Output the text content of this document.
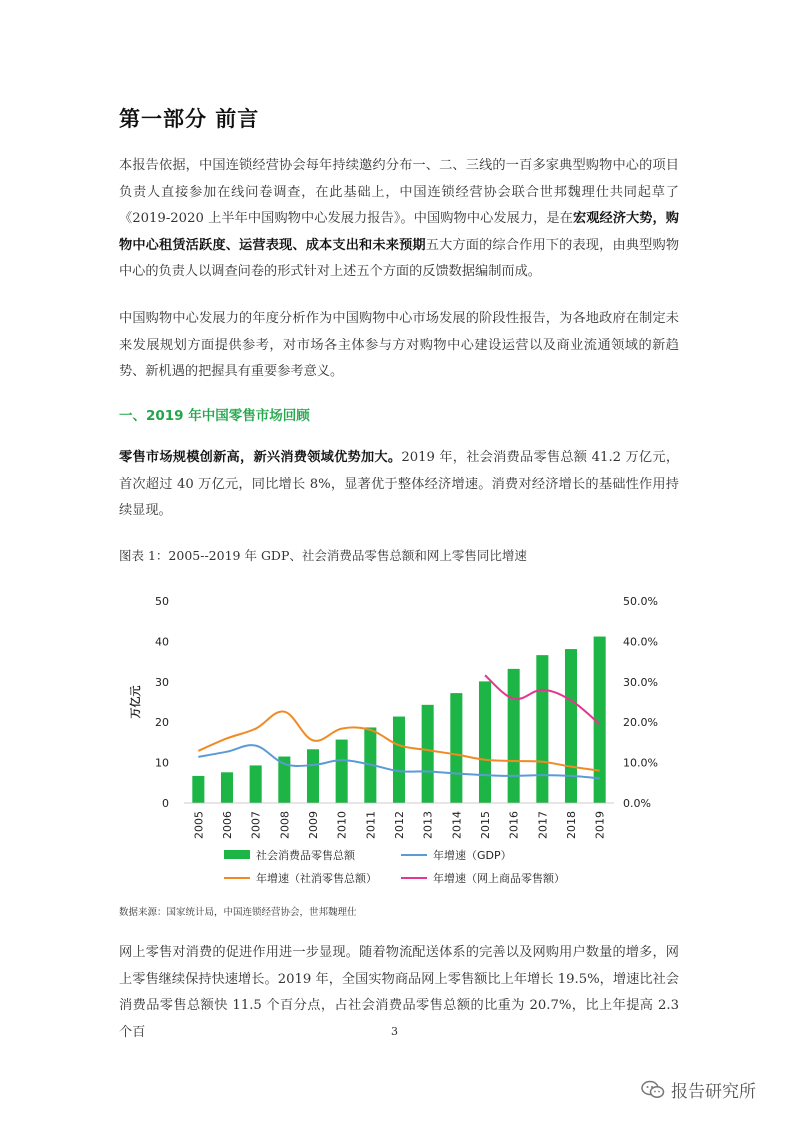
第一部分 前言
本报告依据，中国连锁经营协会每年持续邀约分布一、二、三线的一百多家典型购物中心的项目负责人直接参加在线问卷调查，在此基础上，中国连锁经营协会联合世邦魏理仕共同起草了《2019-2020 上半年中国购物中心发展力报告》。中国购物中心发展力，是在宏观经济大势，购物中心租赁活跃度、运营表现、成本支出和未来预期五大方面的综合作用下的表现，由典型购物中心的负责人以调查问卷的形式针对上述五个方面的反馈数据编制而成。
中国购物中心发展力的年度分析作为中国购物中心市场发展的阶段性报告，为各地政府在制定未来发展规划方面提供参考，对市场各主体参与方对购物中心建设运营以及商业流通领域的新趋势、新机遇的把握具有重要参考意义。
一、2019 年中国零售市场回顾
零售市场规模创新高，新兴消费领域优势加大。2019 年，社会消费品零售总额 41.2 万亿元，首次超过 40 万亿元，同比增长 8%，显著优于整体经济增速。消费对经济增长的基础性作用持续显现。
图表 1：2005--2019 年 GDP、社会消费品零售总额和网上零售同比增速
0
10
20
30
40
50
0.0%
10.0%
20.0%
30.0%
40.0%
50.0%
万亿元
2005 2006 2007 2008 2009 2010 2011 2012 2013 2014 2015 2016 2017 2018 2019
社会消费品零售总额	年增速（GDP）
年增速（社消零售总额）	年增速（网上商品零售额）
数据来源：国家统计局，中国连锁经营协会，世邦魏理仕
网上零售对消费的促进作用进一步显现。随着物流配送体系的完善以及网购用户数量的增多，网上零售继续保持快速增长。2019 年，全国实物商品网上零售额比上年增长 19.5%，增速比社会消费品零售总额快 11.5 个百分点，占社会消费品零售总额的比重为 20.7%，比上年提高 2.3 个百	3
报告研究所
